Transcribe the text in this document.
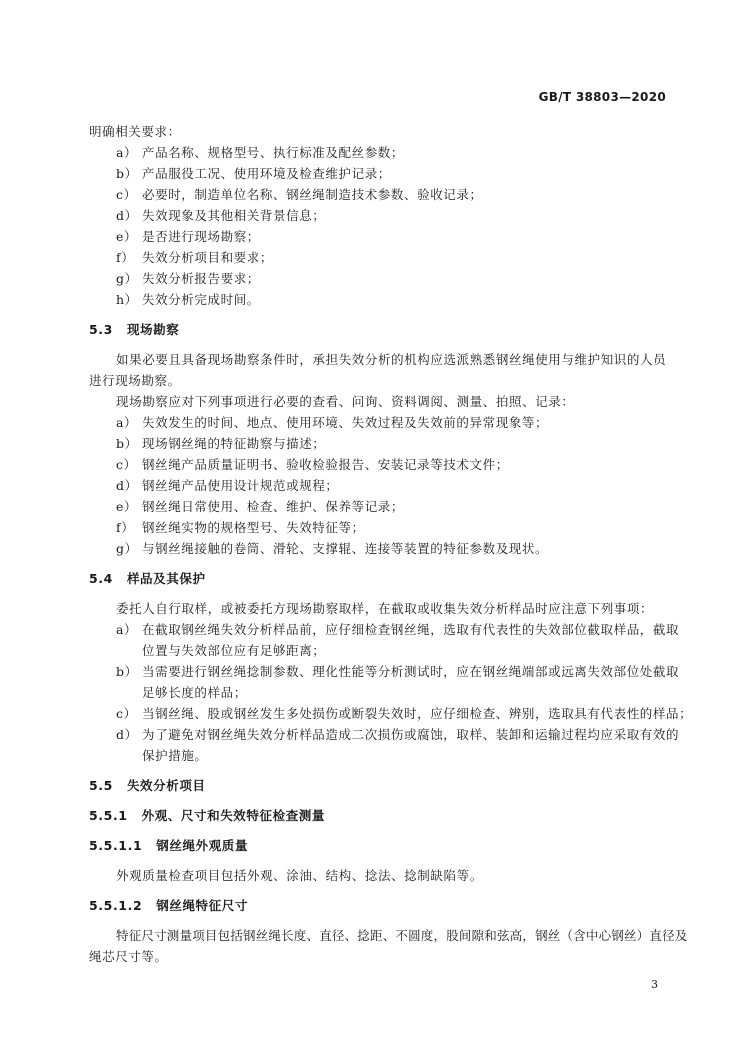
GB/T 38803—2020
明确相关要求：
a） 产品名称、规格型号、执行标准及配丝参数；
b） 产品服役工况、使用环境及检查维护记录；
c） 必要时，制造单位名称、钢丝绳制造技术参数、验收记录；
d） 失效现象及其他相关背景信息；
e） 是否进行现场勘察；
f） 失效分析项目和要求；
g） 失效分析报告要求；
h） 失效分析完成时间。
5.3 现场勘察
如果必要且具备现场勘察条件时，承担失效分析的机构应选派熟悉钢丝绳使用与维护知识的人员
进行现场勘察。
现场勘察应对下列事项进行必要的查看、问询、资料调阅、测量、拍照、记录：
a） 失效发生的时间、地点、使用环境、失效过程及失效前的异常现象等；
b） 现场钢丝绳的特征勘察与描述；
c） 钢丝绳产品质量证明书、验收检验报告、安装记录等技术文件；
d） 钢丝绳产品使用设计规范或规程；
e） 钢丝绳日常使用、检查、维护、保养等记录；
f） 钢丝绳实物的规格型号、失效特征等；
g） 与钢丝绳接触的卷筒、滑轮、支撑辊、连接等装置的特征参数及现状。
5.4 样品及其保护
委托人自行取样，或被委托方现场勘察取样，在截取或收集失效分析样品时应注意下列事项：
a） 在截取钢丝绳失效分析样品前，应仔细检查钢丝绳，选取有代表性的失效部位截取样品，截取
位置与失效部位应有足够距离；
b） 当需要进行钢丝绳捻制参数、理化性能等分析测试时，应在钢丝绳端部或远离失效部位处截取
足够长度的样品；
c） 当钢丝绳、股或钢丝发生多处损伤或断裂失效时，应仔细检查、辨别，选取具有代表性的样品；
d） 为了避免对钢丝绳失效分析样品造成二次损伤或腐蚀，取样、装卸和运输过程均应采取有效的
保护措施。
5.5 失效分析项目
5.5.1 外观、尺寸和失效特征检查测量
5.5.1.1 钢丝绳外观质量
外观质量检查项目包括外观、涂油、结构、捻法、捻制缺陷等。
5.5.1.2 钢丝绳特征尺寸
特征尺寸测量项目包括钢丝绳长度、直径、捻距、不圆度，股间隙和弦高，钢丝（含中心钢丝）直径及
绳芯尺寸等。
3
